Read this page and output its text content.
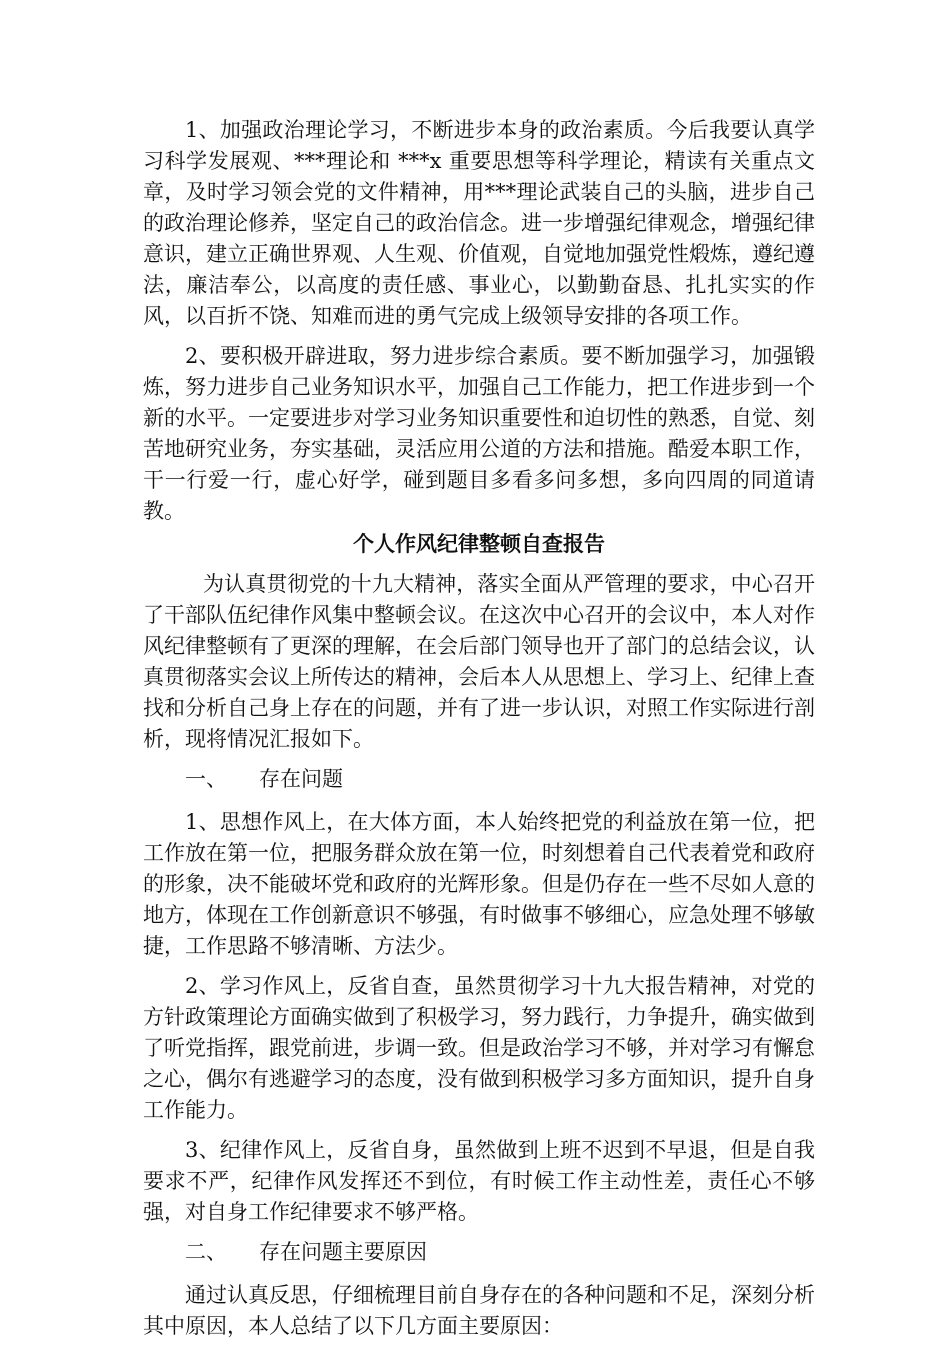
1、加强政治理论学习，不断进步本身的政治素质。今后我要认真学习科学发展观、***理论和 ***x 重要思想等科学理论，精读有关重点文章，及时学习领会党的文件精神，用***理论武装自己的头脑，进步自己的政治理论修养，坚定自己的政治信念。进一步增强纪律观念，增强纪律意识，建立正确世界观、人生观、价值观，自觉地加强党性煅炼，遵纪遵法，廉洁奉公，以高度的责任感、事业心，以勤勤奋恳、扎扎实实的作风，以百折不饶、知难而进的勇气完成上级领导安排的各项工作。

2、要积极开辟进取，努力进步综合素质。要不断加强学习，加强锻炼，努力进步自己业务知识水平，加强自己工作能力，把工作进步到一个新的水平。一定要进步对学习业务知识重要性和迫切性的熟悉，自觉、刻苦地研究业务，夯实基础，灵活应用公道的方法和措施。酷爱本职工作，干一行爱一行，虚心好学，碰到题目多看多问多想，多向四周的同道请教。

个人作风纪律整顿自查报告

为认真贯彻党的十九大精神，落实全面从严管理的要求，中心召开了干部队伍纪律作风集中整顿会议。在这次中心召开的会议中，本人对作风纪律整顿有了更深的理解，在会后部门领导也开了部门的总结会议，认真贯彻落实会议上所传达的精神，会后本人从思想上、学习上、纪律上查找和分析自己身上存在的问题，并有了进一步认识，对照工作实际进行剖析，现将情况汇报如下。

一、 存在问题

1、思想作风上，在大体方面，本人始终把党的利益放在第一位，把工作放在第一位，把服务群众放在第一位，时刻想着自己代表着党和政府的形象，决不能破坏党和政府的光辉形象。但是仍存在一些不尽如人意的地方，体现在工作创新意识不够强，有时做事不够细心，应急处理不够敏捷，工作思路不够清晰、方法少。

2、学习作风上，反省自查，虽然贯彻学习十九大报告精神，对党的方针政策理论方面确实做到了积极学习，努力践行，力争提升，确实做到了听党指挥，跟党前进，步调一致。但是政治学习不够，并对学习有懈怠之心，偶尔有逃避学习的态度，没有做到积极学习多方面知识，提升自身工作能力。

3、纪律作风上，反省自身，虽然做到上班不迟到不早退，但是自我要求不严，纪律作风发挥还不到位，有时候工作主动性差，责任心不够强，对自身工作纪律要求不够严格。

二、 存在问题主要原因

通过认真反思，仔细梳理目前自身存在的各种问题和不足，深刻分析其中原因，本人总结了以下几方面主要原因：
